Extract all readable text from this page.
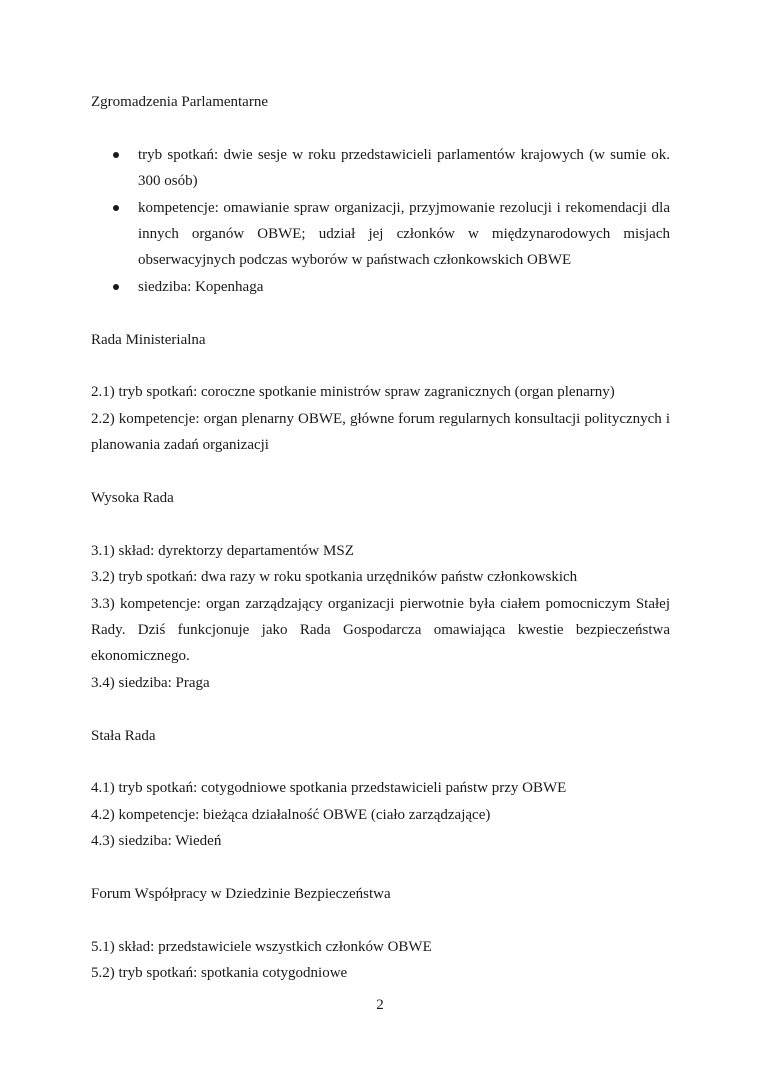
Zgromadzenia Parlamentarne

tryb spotkań: dwie sesje w roku przedstawicieli parlamentów krajowych (w sumie ok. 300 osób)
kompetencje: omawianie spraw organizacji, przyjmowanie rezolucji i rekomendacji dla innych organów OBWE; udział jej członków w międzynarodowych misjach obserwacyjnych podczas wyborów w państwach członkowskich OBWE
siedziba: Kopenhaga

Rada Ministerialna

2.1) tryb spotkań: coroczne spotkanie ministrów spraw zagranicznych (organ plenarny)

2.2) kompetencje: organ plenarny OBWE, główne forum regularnych konsultacji politycznych i planowania zadań organizacji

Wysoka Rada

3.1) skład: dyrektorzy departamentów MSZ

3.2) tryb spotkań: dwa razy w roku spotkania urzędników państw członkowskich

3.3) kompetencje: organ zarządzający organizacji pierwotnie była ciałem pomocniczym Stałej Rady. Dziś funkcjonuje jako Rada Gospodarcza omawiająca kwestie bezpieczeństwa ekonomicznego.

3.4) siedziba: Praga

Stała Rada

4.1) tryb spotkań: cotygodniowe spotkania przedstawicieli państw przy OBWE

4.2) kompetencje: bieżąca działalność OBWE (ciało zarządzające)

4.3) siedziba: Wiedeń

Forum Współpracy w Dziedzinie Bezpieczeństwa

5.1) skład: przedstawiciele wszystkich członków OBWE

5.2) tryb spotkań: spotkania cotygodniowe

2
